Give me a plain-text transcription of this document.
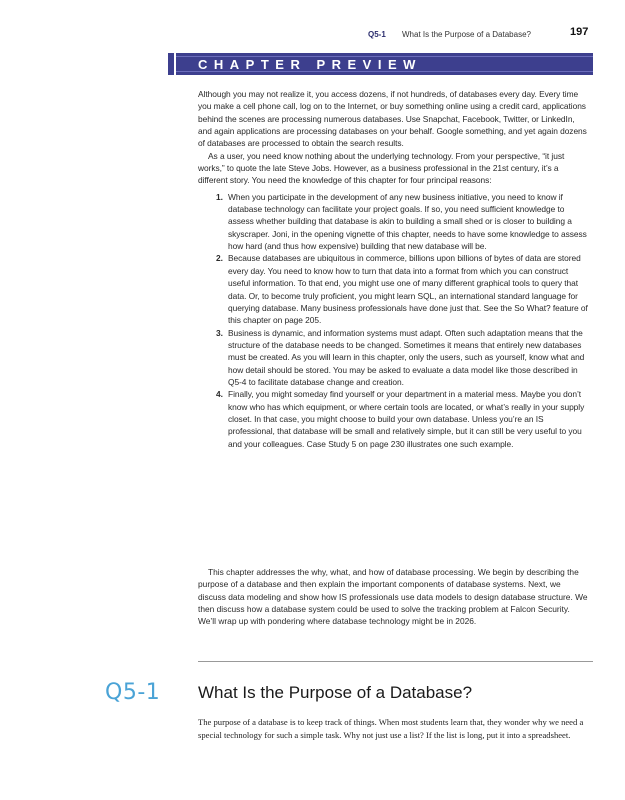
Q5-1 What Is the Purpose of a Database?	197
CHAPTER PREVIEW

Although you may not realize it, you access dozens, if not hundreds, of databases every day. Every time you make a cell phone call, log on to the Internet, or buy something online using a credit card, applications behind the scenes are processing numerous databases. Use Snapchat, Facebook, Twitter, or LinkedIn, and again applications are processing databases on your behalf. Google something, and yet again dozens of databases are processed to obtain the search results.

As a user, you need know nothing about the underlying technology. From your perspective, “it just works,” to quote the late Steve Jobs. However, as a business professional in the 21st century, it’s a different story. You need the knowledge of this chapter for four principal reasons:

1. When you participate in the development of any new business initiative, you need to know if database technology can facilitate your project goals. If so, you need sufficient knowledge to assess whether building that database is akin to building a small shed or is closer to building a skyscraper. Joni, in the opening vignette of this chapter, needs to have some knowledge to assess how hard (and thus how expensive) building that new database will be.
2. Because databases are ubiquitous in commerce, billions upon billions of bytes of data are stored every day. You need to know how to turn that data into a format from which you can construct useful information. To that end, you might use one of many different graphical tools to query that data. Or, to become truly proficient, you might learn SQL, an international standard language for querying database. Many business professionals have done just that. See the So What? feature of this chapter on page 205.
3. Business is dynamic, and information systems must adapt. Often such adaptation means that the structure of the database needs to be changed. Sometimes it means that entirely new databases must be created. As you will learn in this chapter, only the users, such as yourself, know what and how detail should be stored. You may be asked to evaluate a data model like those described in Q5-4 to facilitate database change and creation.
4. Finally, you might someday find yourself or your department in a material mess. Maybe you don’t know who has which equipment, or where certain tools are located, or what’s really in your supply closet. In that case, you might choose to build your own database. Unless you’re an IS professional, that database will be small and relatively simple, but it can still be very useful to you and your colleagues. Case Study 5 on page 230 illustrates one such example.

This chapter addresses the why, what, and how of database processing. We begin by describing the purpose of a database and then explain the important components of database systems. Next, we discuss data modeling and show how IS professionals use data models to design database structure. We then discuss how a database system could be used to solve the tracking problem at Falcon Security. We’ll wrap up with pondering where database technology might be in 2026.

Q5-1 What Is the Purpose of a Database?

The purpose of a database is to keep track of things. When most students learn that, they wonder why we need a special technology for such a simple task. Why not just use a list? If the list is long, put it into a spreadsheet.
